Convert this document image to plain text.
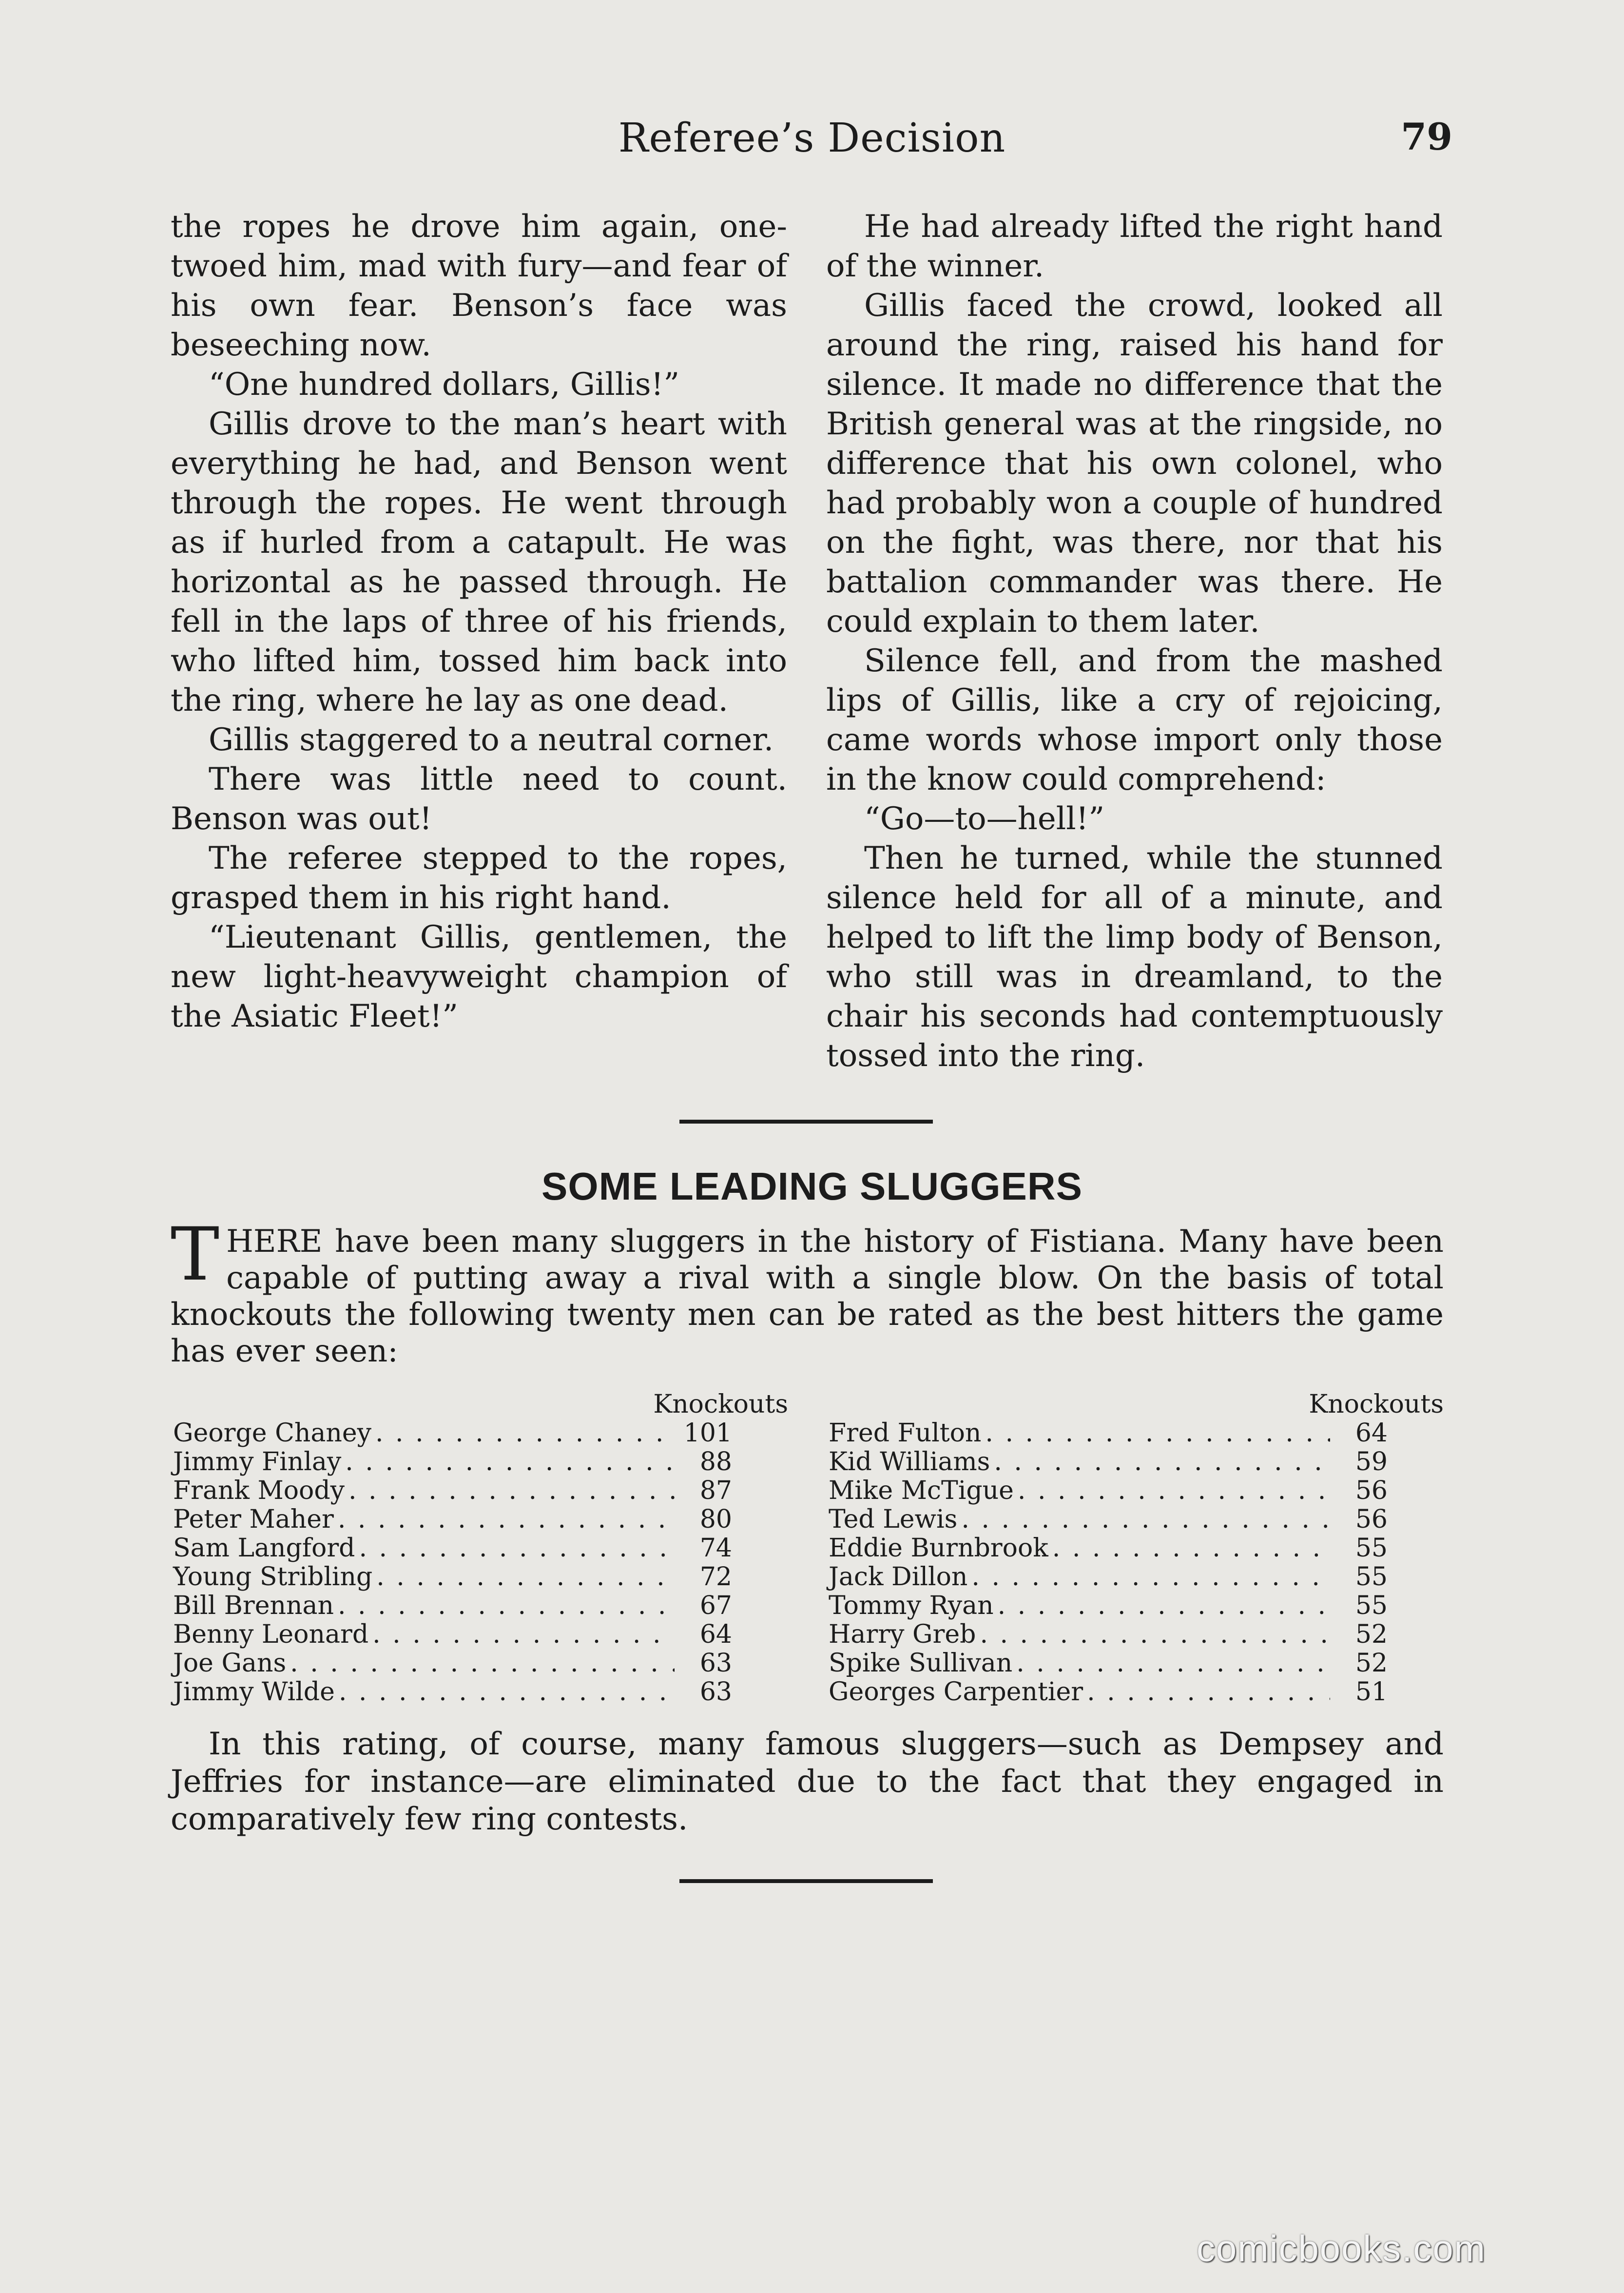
Referee’s Decision	79

the ropes he drove him again, one-twoed him, mad with fury—and fear of his own fear. Benson’s face was beseeching now.

“One hundred dollars, Gillis!”

Gillis drove to the man’s heart with everything he had, and Benson went through the ropes. He went through as if hurled from a catapult. He was horizontal as he passed through. He fell in the laps of three of his friends, who lifted him, tossed him back into the ring, where he lay as one dead.

Gillis staggered to a neutral corner.

There was little need to count. Benson was out!

The referee stepped to the ropes, grasped them in his right hand.

“Lieutenant Gillis, gentlemen, the new light-heavyweight champion of the Asiatic Fleet!”

He had already lifted the right hand of the winner.

Gillis faced the crowd, looked all around the ring, raised his hand for silence. It made no difference that the British general was at the ringside, no difference that his own colonel, who had probably won a couple of hundred on the fight, was there, nor that his battalion commander was there. He could explain to them later.

Silence fell, and from the mashed lips of Gillis, like a cry of rejoicing, came words whose import only those in the know could comprehend:

“Go—to—hell!”

Then he turned, while the stunned silence held for all of a minute, and helped to lift the limp body of Benson, who still was in dreamland, to the chair his seconds had contemptuously tossed into the ring.

SOME LEADING SLUGGERS
T HERE have been many sluggers in the history of Fistiana. Many have been capable of putting away a rival with a single blow. On the basis of total knockouts the following twenty men can be rated as the best hitters the game has ever seen:
Knockouts
George Chaney . . .	101
Jimmy Finlay . . .	88
Frank Moody . . .	87
Peter Maher . . .	80
Sam Langford . . .	74
Young Stribling . . .	72
Bill Brennan . . .	67
Benny Leonard . . .	64
Joe Gans . . .	63
Jimmy Wilde . . .	63
Knockouts
Fred Fulton . . .	64
Kid Williams . . .	59
Mike McTigue . . .	56
Ted Lewis . . .	56
Eddie Burnbrook . . .	55
Jack Dillon . . .	55
Tommy Ryan . . .	55
Harry Greb . . .	52
Spike Sullivan . . .	52
Georges Carpentier . . .	51

In this rating, of course, many famous sluggers—such as Dempsey and Jeffries for instance—are eliminated due to the fact that they engaged in comparatively few ring contests.

comicbooks.com
